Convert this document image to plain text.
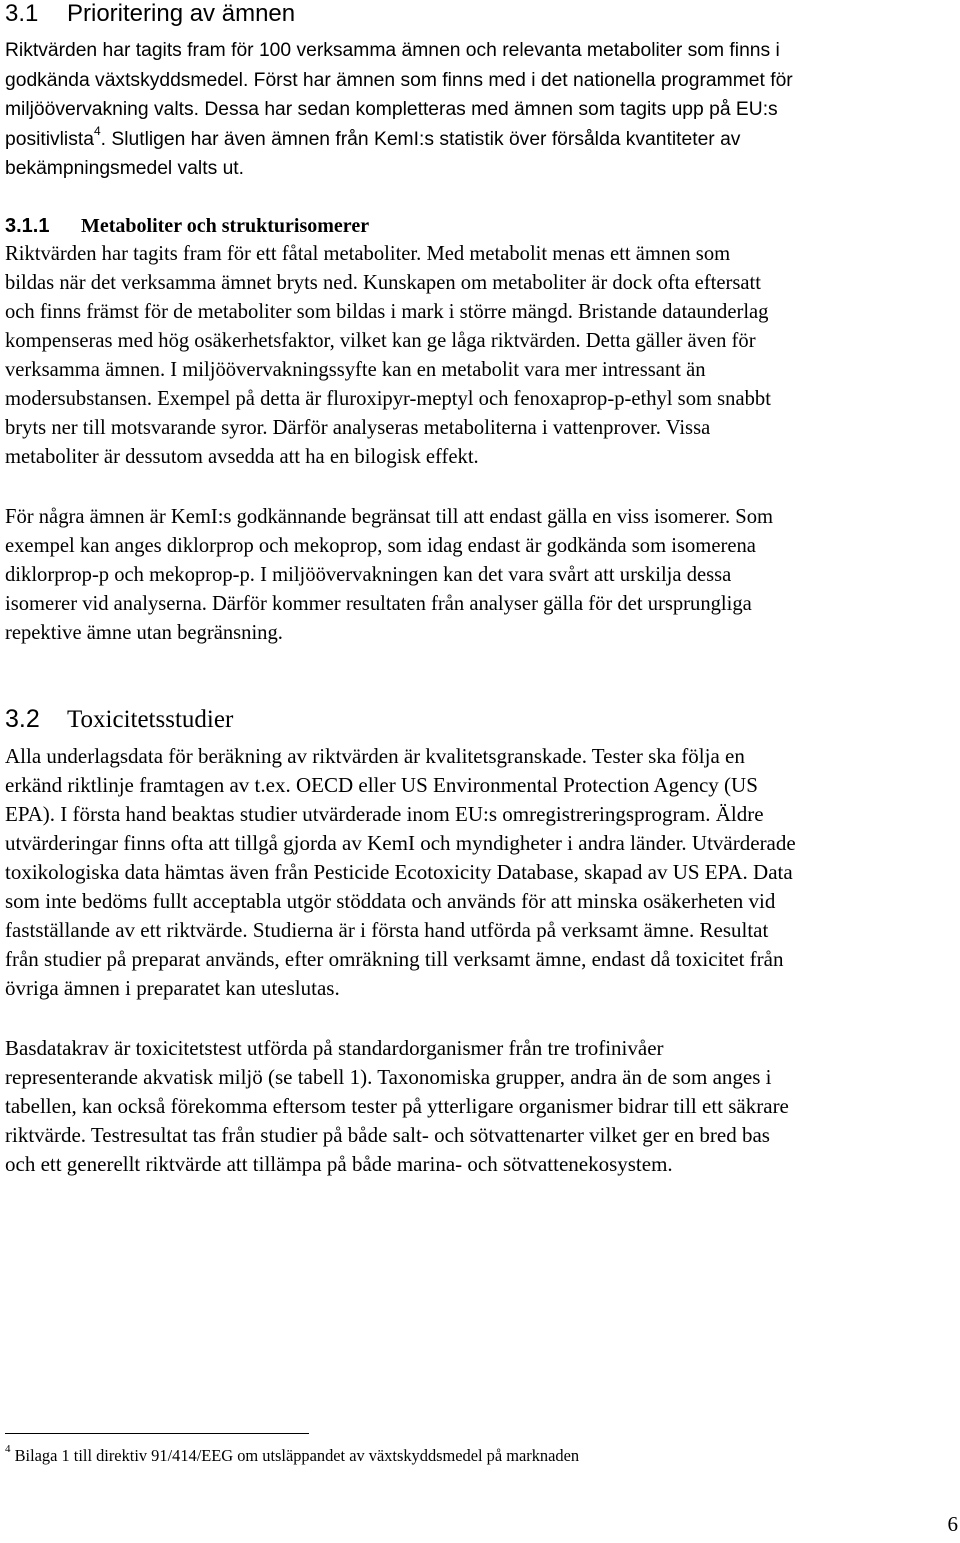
3.1 Prioritering av ämnen
Riktvärden har tagits fram för 100 verksamma ämnen och relevanta metaboliter som finns i
godkända växtskyddsmedel. Först har ämnen som finns med i det nationella programmet för
miljöövervakning valts. Dessa har sedan kompletteras med ämnen som tagits upp på EU:s
positivlista$^4$. Slutligen har även ämnen från KemI:s statistik över försålda kvantiteter av
bekämpningsmedel valts ut.
3.1.1 Metaboliter och strukturisomerer
Riktvärden har tagits fram för ett fåtal metaboliter. Med metabolit menas ett ämnen som
bildas när det verksamma ämnet bryts ned. Kunskapen om metaboliter är dock ofta eftersatt
och finns främst för de metaboliter som bildas i mark i större mängd. Bristande dataunderlag
kompenseras med hög osäkerhetsfaktor, vilket kan ge låga riktvärden. Detta gäller även för
verksamma ämnen. I miljöövervakningssyfte kan en metabolit vara mer intressant än
modersubstansen. Exempel på detta är fluroxipyr-meptyl och fenoxaprop-p-ethyl som snabbt
bryts ner till motsvarande syror. Därför analyseras metaboliterna i vattenprover. Vissa
metaboliter är dessutom avsedda att ha en bilogisk effekt.
För några ämnen är KemI:s godkännande begränsat till att endast gälla en viss isomerer. Som
exempel kan anges diklorprop och mekoprop, som idag endast är godkända som isomerena
diklorprop-p och mekoprop-p. I miljöövervakningen kan det vara svårt att urskilja dessa
isomerer vid analyserna. Därför kommer resultaten från analyser gälla för det ursprungliga
repektive ämne utan begränsning.
3.2 Toxicitetsstudier
Alla underlagsdata för beräkning av riktvärden är kvalitetsgranskade. Tester ska följa en
erkänd riktlinje framtagen av t.ex. OECD eller US Environmental Protection Agency (US
EPA). I första hand beaktas studier utvärderade inom EU:s omregistreringsprogram. Äldre
utvärderingar finns ofta att tillgå gjorda av KemI och myndigheter i andra länder. Utvärderade
toxikologiska data hämtas även från Pesticide Ecotoxicity Database, skapad av US EPA. Data
som inte bedöms fullt acceptabla utgör stöddata och används för att minska osäkerheten vid
fastställande av ett riktvärde. Studierna är i första hand utförda på verksamt ämne. Resultat
från studier på preparat används, efter omräkning till verksamt ämne, endast då toxicitet från
övriga ämnen i preparatet kan uteslutas.
Basdatakrav är toxicitetstest utförda på standardorganismer från tre trofinivåer
representerande akvatisk miljö (se tabell 1). Taxonomiska grupper, andra än de som anges i
tabellen, kan också förekomma eftersom tester på ytterligare organismer bidrar till ett säkrare
riktvärde. Testresultat tas från studier på både salt- och sötvattenarter vilket ger en bred bas
och ett generellt riktvärde att tillämpa på både marina- och sötvattenekosystem.
$^4$ Bilaga 1 till direktiv 91/414/EEG om utsläppandet av växtskyddsmedel på marknaden
6
